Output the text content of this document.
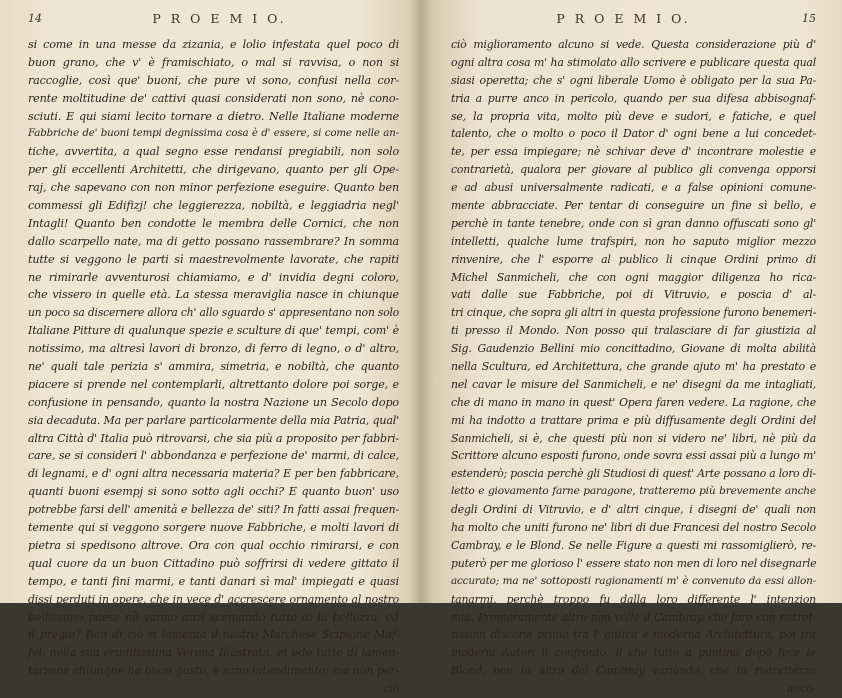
14	P R O E M I O.
si come in una messe da zizania, e lolio infestata quel poco di
buon grano, che v' è framischiato, o mal si ravvisa, o non si
raccoglie, così que' buoni, che pure vi sono, confusi nella cor-
rente moltitudine de' cattivi quasi considerati non sono, nè cono-
sciuti. E qui siami lecito tornare a dietro. Nelle Italiane moderne
Fabbriche de' buoni tempi degnissima cosa è d' essere, si come nelle an-
tiche, avvertita, a qual segno esse rendansi pregiabili, non solo
per gli eccellenti Architetti, che dirigevano, quanto per gli Ope-
raj, che sapevano con non minor perfezione eseguire. Quanto ben
commessi gli Edifizj! che leggierezza, nobiltà, e leggiadria negl'
Intagli! Quanto ben condotte le membra delle Cornici, che non
dallo scarpello nate, ma di getto possano rassembrare? In somma
tutte si veggono le parti sì maestrevolmente lavorate, che rapiti
ne rimirarle avventurosi chiamiamo, e d' invidia degni coloro,
che vissero in quelle età. La stessa meraviglia nasce in chiunque
un poco sa discernere allora ch' allo sguardo s' appresentano non solo
Italiane Pitture di qualunque spezie e sculture di que' tempi, com' è
notissimo, ma altresì lavori di bronzo, di ferro di legno, o d' altro,
ne' quali tale perizia s' ammira, simetria, e nobiltà, che quanto
piacere si prende nel contemplarli, altrettanto dolore poi sorge, e
confusione in pensando, quanto la nostra Nazione un Secolo dopo
sia decaduta. Ma per parlare particolarmente della mia Patria, qual'
altra Città d' Italia può ritrovarsi, che sia più a proposito per fabbri-
care, se si consideri l' abbondanza e perfezione de' marmi, di calce,
di legnami, e d' ogni altra necessaria materia? E per ben fabbricare,
quanti buoni esempj si sono sotto agli occhi? E quanto buon' uso
potrebbe farsi dell' amenità e bellezza de' siti? In fatti assai frequen-
temente qui si veggono sorgere nuove Fabbriche, e molti lavori di
pietra si spedisono altrove. Ora con qual occhio rimirarsi, e con
qual cuore da un buon Cittadino può soffrirsi di vedere gittato il
tempo, e tanti fini marmi, e tanti danari sì mal' impiegati e quasi
dissi perduti in opere, che in vece d' accrescere ornamento al nostro
bellissimo paese nè vanno anzi scemando tutto di la bellezza, ed
il pregio? Ben di ciò si lamenta il nostro Marchese Scipione Maf-
fei, nella sua eruditissima Verona Illustrata, et odo tutto dì lamen-
tarsene chiunque ha buon gusto, e sano intendimento; ma non per-
ciò
P R O E M I O.	15
ciò miglioramento alcuno si vede. Questa considerazione più d'
ogni altra cosa m' ha stimolato allo scrivere e publicare questa qual
siasi operetta; che s' ogni liberale Uomo è obligato per la sua Pa-
tria a purre anco in pericolo, quando per sua difesa abbisognaf-
se, la propria vita, molto più deve e sudori, e fatiche, e quel
talento, che o molto o poco il Dator d' ogni bene a lui concedet-
te, per essa impiegare; nè schivar deve d' incontrare molestie e
contrarietà, qualora per giovare al publico gli convenga opporsi
e ad abusi universalmente radicati, e a false opinioni comune-
mente abbracciate. Per tentar di conseguire un fine sì bello, e
perchè in tante tenebre, onde con sì gran danno offuscati sono gl'
intelletti, qualche lume trafspiri, non ho saputo miglior mezzo
rinvenire, che l' esporre al publico li cinque Ordini primo di
Michel Sanmicheli, che con ogni maggior diligenza ho rica-
vati dalle sue Fabbriche, poi di Vitruvio, e poscia d' al-
tri cinque, che sopra gli altri in questa professione furono benemeri-
ti presso il Mondo. Non posso qui tralasciare di far giustizia al
Sig. Gaudenzio Bellini mio concittadino, Giovane di molta abilità
nella Scultura, ed Architettura, che grande ajuto m' ha prestato e
nel cavar le misure del Sanmicheli, e ne' disegni da me intagliati,
che di mano in mano in quest' Opera faren vedere. La ragione, che
mi ha indotto a trattare prima e più diffusamente degli Ordini del
Sanmicheli, si è, che questi più non si videro ne' libri, nè più da
Scrittore alcuno esposti furono, onde sovra essi assai più a lungo m'
estenderò; poscia perchè gli Studiosi di quest' Arte possano a loro di-
letto e giovamento farne paragone, tratteremo più brevemente anche
degli Ordini di Vitruvio, e d' altri cinque, i disegni de' quali non
ha molto che uniti furono ne' libri di due Francesi del nostro Secolo
Cambray, e le Blond. Se nelle Figure a questi mi rassomiglierò, re-
puterò per me glorioso l' essere stato non men di loro nel disegnarle
accurato; ma ne' sottoposti ragionamenti m' è convenuto da essi allon-
tanarmi, perchè troppo fu dalla loro differente l' intenzion
mia. Primieramente altro non volle il Cambray, che fare con ristret-
tissimi discorsi prima tra l' antica e moderna Architettura, poi tra
moderni Autori il confronto, il che tutto a puntino dopo fece le
Blond, non in altro dal Cambray variando, che in ristrettezza
anco-
